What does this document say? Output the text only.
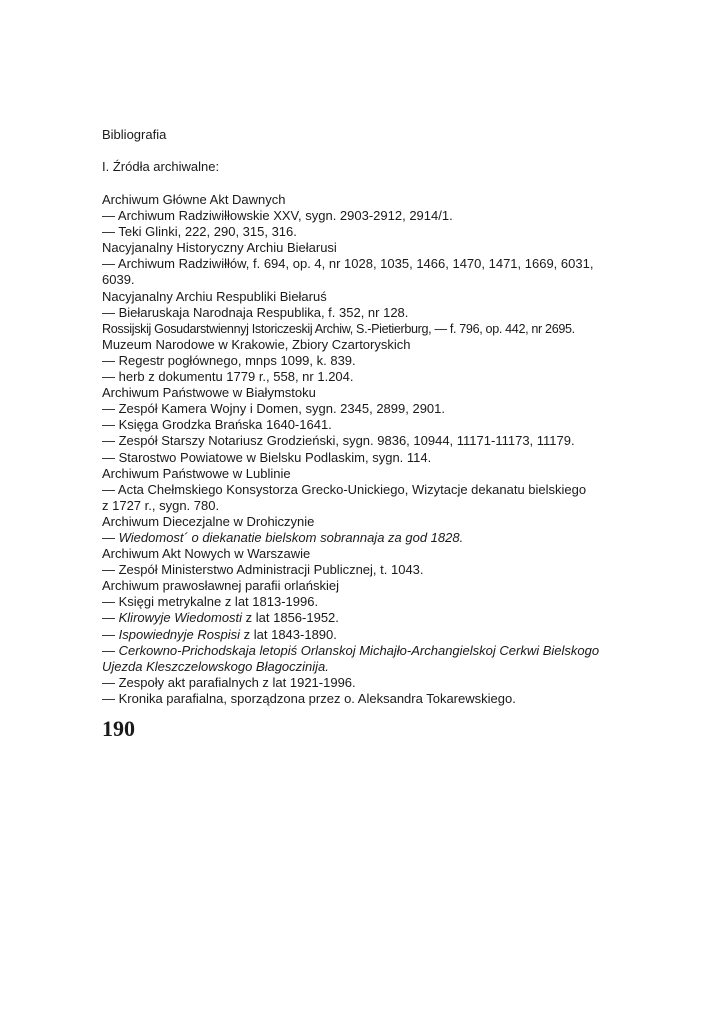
Bibliografia
I. Źródła archiwalne:
Archiwum Główne Akt Dawnych
— Archiwum Radziwiłłowskie XXV, sygn. 2903-2912, 2914/1.
— Teki Glinki, 222, 290, 315, 316.
Nacyjanalny Historyczny Archiu Biełarusi
— Archiwum Radziwiłłów, f. 694, op. 4, nr 1028, 1035, 1466, 1470, 1471, 1669, 6031,
6039.
Nacyjanalny Archiu Respubliki Biełaruś
— Biełaruskaja Narodnaja Respublika, f. 352, nr 128.
Rossijskij Gosudarstwiennyj Istoriczeskij Archiw, S.-Pietierburg, — f. 796, op. 442, nr 2695.
Muzeum Narodowe w Krakowie, Zbiory Czartoryskich
— Regestr pogłównego, mnps 1099, k. 839.
— herb z dokumentu 1779 r., 558, nr 1.204.
Archiwum Państwowe w Białymstoku
— Zespół Kamera Wojny i Domen, sygn. 2345, 2899, 2901.
— Księga Grodzka Brańska 1640-1641.
— Zespół Starszy Notariusz Grodzieński, sygn. 9836, 10944, 11171-11173, 11179.
— Starostwo Powiatowe w Bielsku Podlaskim, sygn. 114.
Archiwum Państwowe w Lublinie
— Acta Chełmskiego Konsystorza Grecko-Unickiego, Wizytacje dekanatu bielskiego
z 1727 r., sygn. 780.
Archiwum Diecezjalne w Drohiczynie
— Wiedomost´ o diekanatie bielskom sobrannaja za god 1828.
Archiwum Akt Nowych w Warszawie
— Zespół Ministerstwo Administracji Publicznej, t. 1043.
Archiwum prawosławnej parafii orlańskiej
— Księgi metrykalne z lat 1813-1996.
— Klirowyje Wiedomosti z lat 1856-1952.
— Ispowiednyje Rospisi z lat 1843-1890.
— Cerkowno-Prichodskaja letopiś Orlanskoj Michajło-Archangielskoj Cerkwi Bielskogo
Ujezda Kleszczelowskogo Błagoczinija.
— Zespoły akt parafialnych z lat 1921-1996.
— Kronika parafialna, sporządzona przez o. Aleksandra Tokarewskiego.
190
